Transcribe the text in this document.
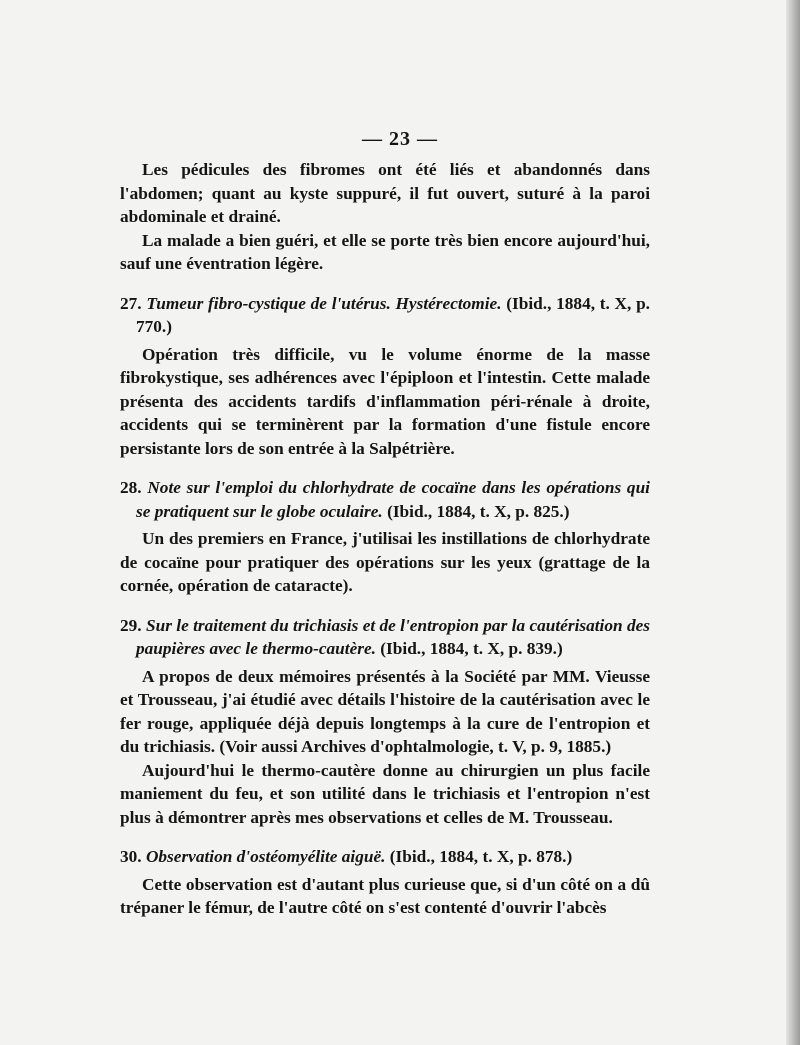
— 23 —

Les pédicules des fibromes ont été liés et abandonnés dans l'abdomen; quant au kyste suppuré, il fut ouvert, suturé à la paroi abdominale et drainé.

La malade a bien guéri, et elle se porte très bien encore aujourd'hui, sauf une éventration légère.

27. Tumeur fibro-cystique de l'utérus. Hystérectomie. (Ibid., 1884, t. X, p. 770.)

Opération très difficile, vu le volume énorme de la masse fibrokystique, ses adhérences avec l'épiploon et l'intestin. Cette malade présenta des accidents tardifs d'inflammation péri-rénale à droite, accidents qui se terminèrent par la formation d'une fistule encore persistante lors de son entrée à la Salpétrière.

28. Note sur l'emploi du chlorhydrate de cocaïne dans les opérations qui se pratiquent sur le globe oculaire. (Ibid., 1884, t. X, p. 825.)

Un des premiers en France, j'utilisai les instillations de chlorhydrate de cocaïne pour pratiquer des opérations sur les yeux (grattage de la cornée, opération de cataracte).

29. Sur le traitement du trichiasis et de l'entropion par la cautérisation des paupières avec le thermo-cautère. (Ibid., 1884, t. X, p. 839.)

A propos de deux mémoires présentés à la Société par MM. Vieusse et Trousseau, j'ai étudié avec détails l'histoire de la cautérisation avec le fer rouge, appliquée déjà depuis longtemps à la cure de l'entropion et du trichiasis. (Voir aussi Archives d'ophtalmologie, t. V, p. 9, 1885.)

Aujourd'hui le thermo-cautère donne au chirurgien un plus facile maniement du feu, et son utilité dans le trichiasis et l'entropion n'est plus à démontrer après mes observations et celles de M. Trousseau.

30. Observation d'ostéomyélite aiguë. (Ibid., 1884, t. X, p. 878.)

Cette observation est d'autant plus curieuse que, si d'un côté on a dû trépaner le fémur, de l'autre côté on s'est contenté d'ouvrir l'abcès
